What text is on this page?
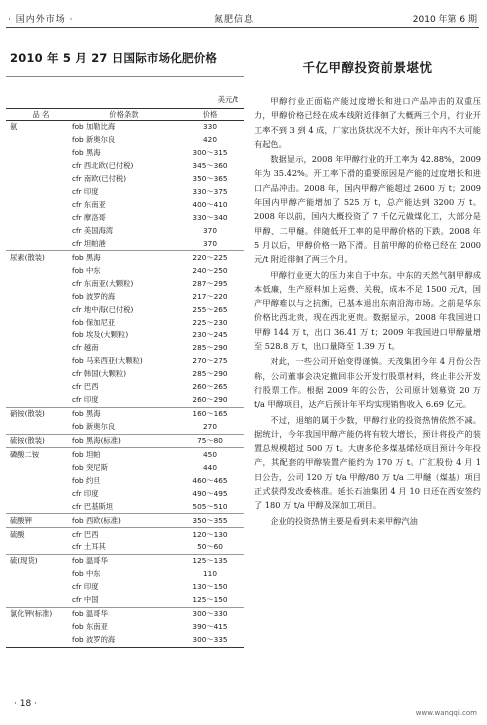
· 国内外市场 ·	氮肥信息	2010 年第 6 期
2010 年 5 月 27 日国际市场化肥价格
美元/t
品 名	价格条款	价格
氨	fob 加勒比海	330
	fob 新奥尔良	420
	fob 黑海	300～315
	cfr 西北欧(已付税)	345～360
	cfr 南欧(已付税)	350～365
	cfr 印度	330～375
	cfr 东南亚	400～410
	cfr 摩洛哥	330～340
	cfr 美国海湾	370
	cfr 坦帕港	370
尿素(散装)	fob 黑海	220～225
	fob 中东	240～250
	cfr 东南亚(大颗粒)	287～295
	fob 波罗的海	217～220
	cfr 地中海(已付税)	255～265
	fob 保加尼亚	225～230
	fob 埃及(大颗粒)	230～245
	cfr 越南	285～290
	fob 马来西亚(大颗粒)	270～275
	cfr 韩国(大颗粒)	285～290
	cfr 巴西	260～265
	cfr 印度	260～290
硝铵(散装)	fob 黑海	160～165
	fob 新奥尔良	270
硫铵(散装)	fob 黑海(标准)	75～80
磷酸二铵	fob 坦帕	450
	fob 突尼斯	440
	fob 约旦	460～465
	cfr 印度	490～495
	cfr 巴基斯坦	505～510
硫酸钾	fob 西欧(标准)	350～355
硫酸	cfr 巴西	120～130
	cfr 土耳其	50～60
硫(现货)	fob 温哥华	125～135
	fob 中东	110
	cfr 印度	130～150
	cfr 中国	125～150
氯化钾(标准)	fob 温哥华	300～330
	fob 东南亚	390～415
	fob 波罗的海	300～335
千亿甲醇投资前景堪忧

甲醇行业正面临产能过度增长和进口产品冲击的双重压力，甲醇价格已经在成本线附近徘徊了大概两三个月，行业开工率不到 3 到 4 成，厂家出货状况不大好，预计年内不大可能有起色。

数据显示，2008 年甲醇行业的开工率为 42.88%，2009 年为 35.42%。开工率下滑的重要原因是产能的过度增长和进口产品冲击。2008 年，国内甲醇产能超过 2600 万 t；2009 年国内甲醇产能增加了 525 万 t，总产能达到 3200 万 t。2008 年以前，国内大概投资了 7 千亿元做煤化工，大部分是甲醇、二甲醚。伴随低开工率的是甲醇价格的下跌。2008 年 5 月以后，甲醇价格一路下滑。目前甲醇的价格已经在 2000 元/t 附近徘徊了两三个月。

甲醇行业更大的压力来自于中东。中东的天然气制甲醇成本低廉，生产原料加上运费、关税，成本不足 1500 元/t，国产甲醇难以与之抗衡，已基本退出东南沿海市场。之前是华东价格比西北贵，现在西北更贵。数据显示，2008 年我国进口甲醇 144 万 t，出口 36.41 万 t；2009 年我国进口甲醇量增至 528.8 万 t，出口量降至 1.39 万 t。

对此，一些公司开始变得谨慎。天茂集团今年 4 月份公告称，公司董事会决定撤回非公开发行股票材料，终止非公开发行股票工作。根据 2009 年的公告，公司原计划募资 20 万 t/a 甲醇项目，达产后预计年平均实现销售收入 6.69 亿元。

不过，退缩的属于少数，甲醇行业的投资热情依然不减。据统计，今年我国甲醇产能仍将有较大增长，预计将投产的装置总规模超过 500 万 t。大唐多伦多煤基烯烃项目预计今年投产，其配套的甲醇装置产能约为 170 万 t。广汇股份 4 月 1 日公告，公司 120 万 t/a 甲醇/80 万 t/a 二甲醚（煤基）项目正式获得发改委核准。延长石油集团 4 月 10 日还在西安签约了 180 万 t/a 甲醇及深加工项目。

企业的投资热情主要是看到未来甲醇汽油

· 18 ·
www.wanqqi.com
